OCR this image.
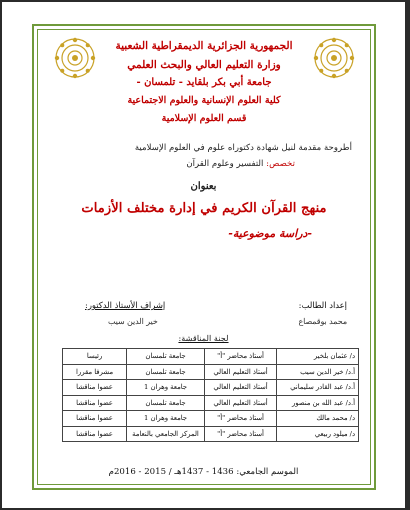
الجمهورية الجزائرية الديمقراطية الشعبية
وزارة التعليم العالي والبحث العلمي
جامعة أبي بكر بلقايد - تلمسان -
كلية العلوم الإنسانية والعلوم الاجتماعية
قسم العلوم الإسلامية
أطروحة مقدمة لنيل شهادة دكتوراه علوم في العلوم الإسلامية
تخصص: التفسير وعلوم القرآن
بعنوان
منهج القرآن الكريم في إدارة مختلف الأزمات
-دراسة موضوعية-
إعداد الطالب:
محمد بوقمصاع
إشراف الأستاذ الدكتور:
خير الدين سيب
لجنة المناقشة:
د/ عثمان بلخير	أستاذ محاضر "أ"	جامعة تلمسان	رئيسا
أ.د/ خير الدين سيب	أستاذ التعليم العالي	جامعة تلمسان	مشرفا مقررا
أ.د/ عبد القادر سليماني	أستاذ التعليم العالي	جامعة وهران 1	عضوا مناقشا
أ.د/ عبد الله بن منصور	أستاذ التعليم العالي	جامعة تلمسان	عضوا مناقشا
د/ محمد مالك	أستاذ محاضر "أ"	جامعة وهران 1	عضوا مناقشا
د/ ميلود ربيعي	أستاذ محاضر "أ"	المركز الجامعي بالنعامة	عضوا مناقشا
الموسم الجامعي: 1436 - 1437هـ / 2015 - 2016م
